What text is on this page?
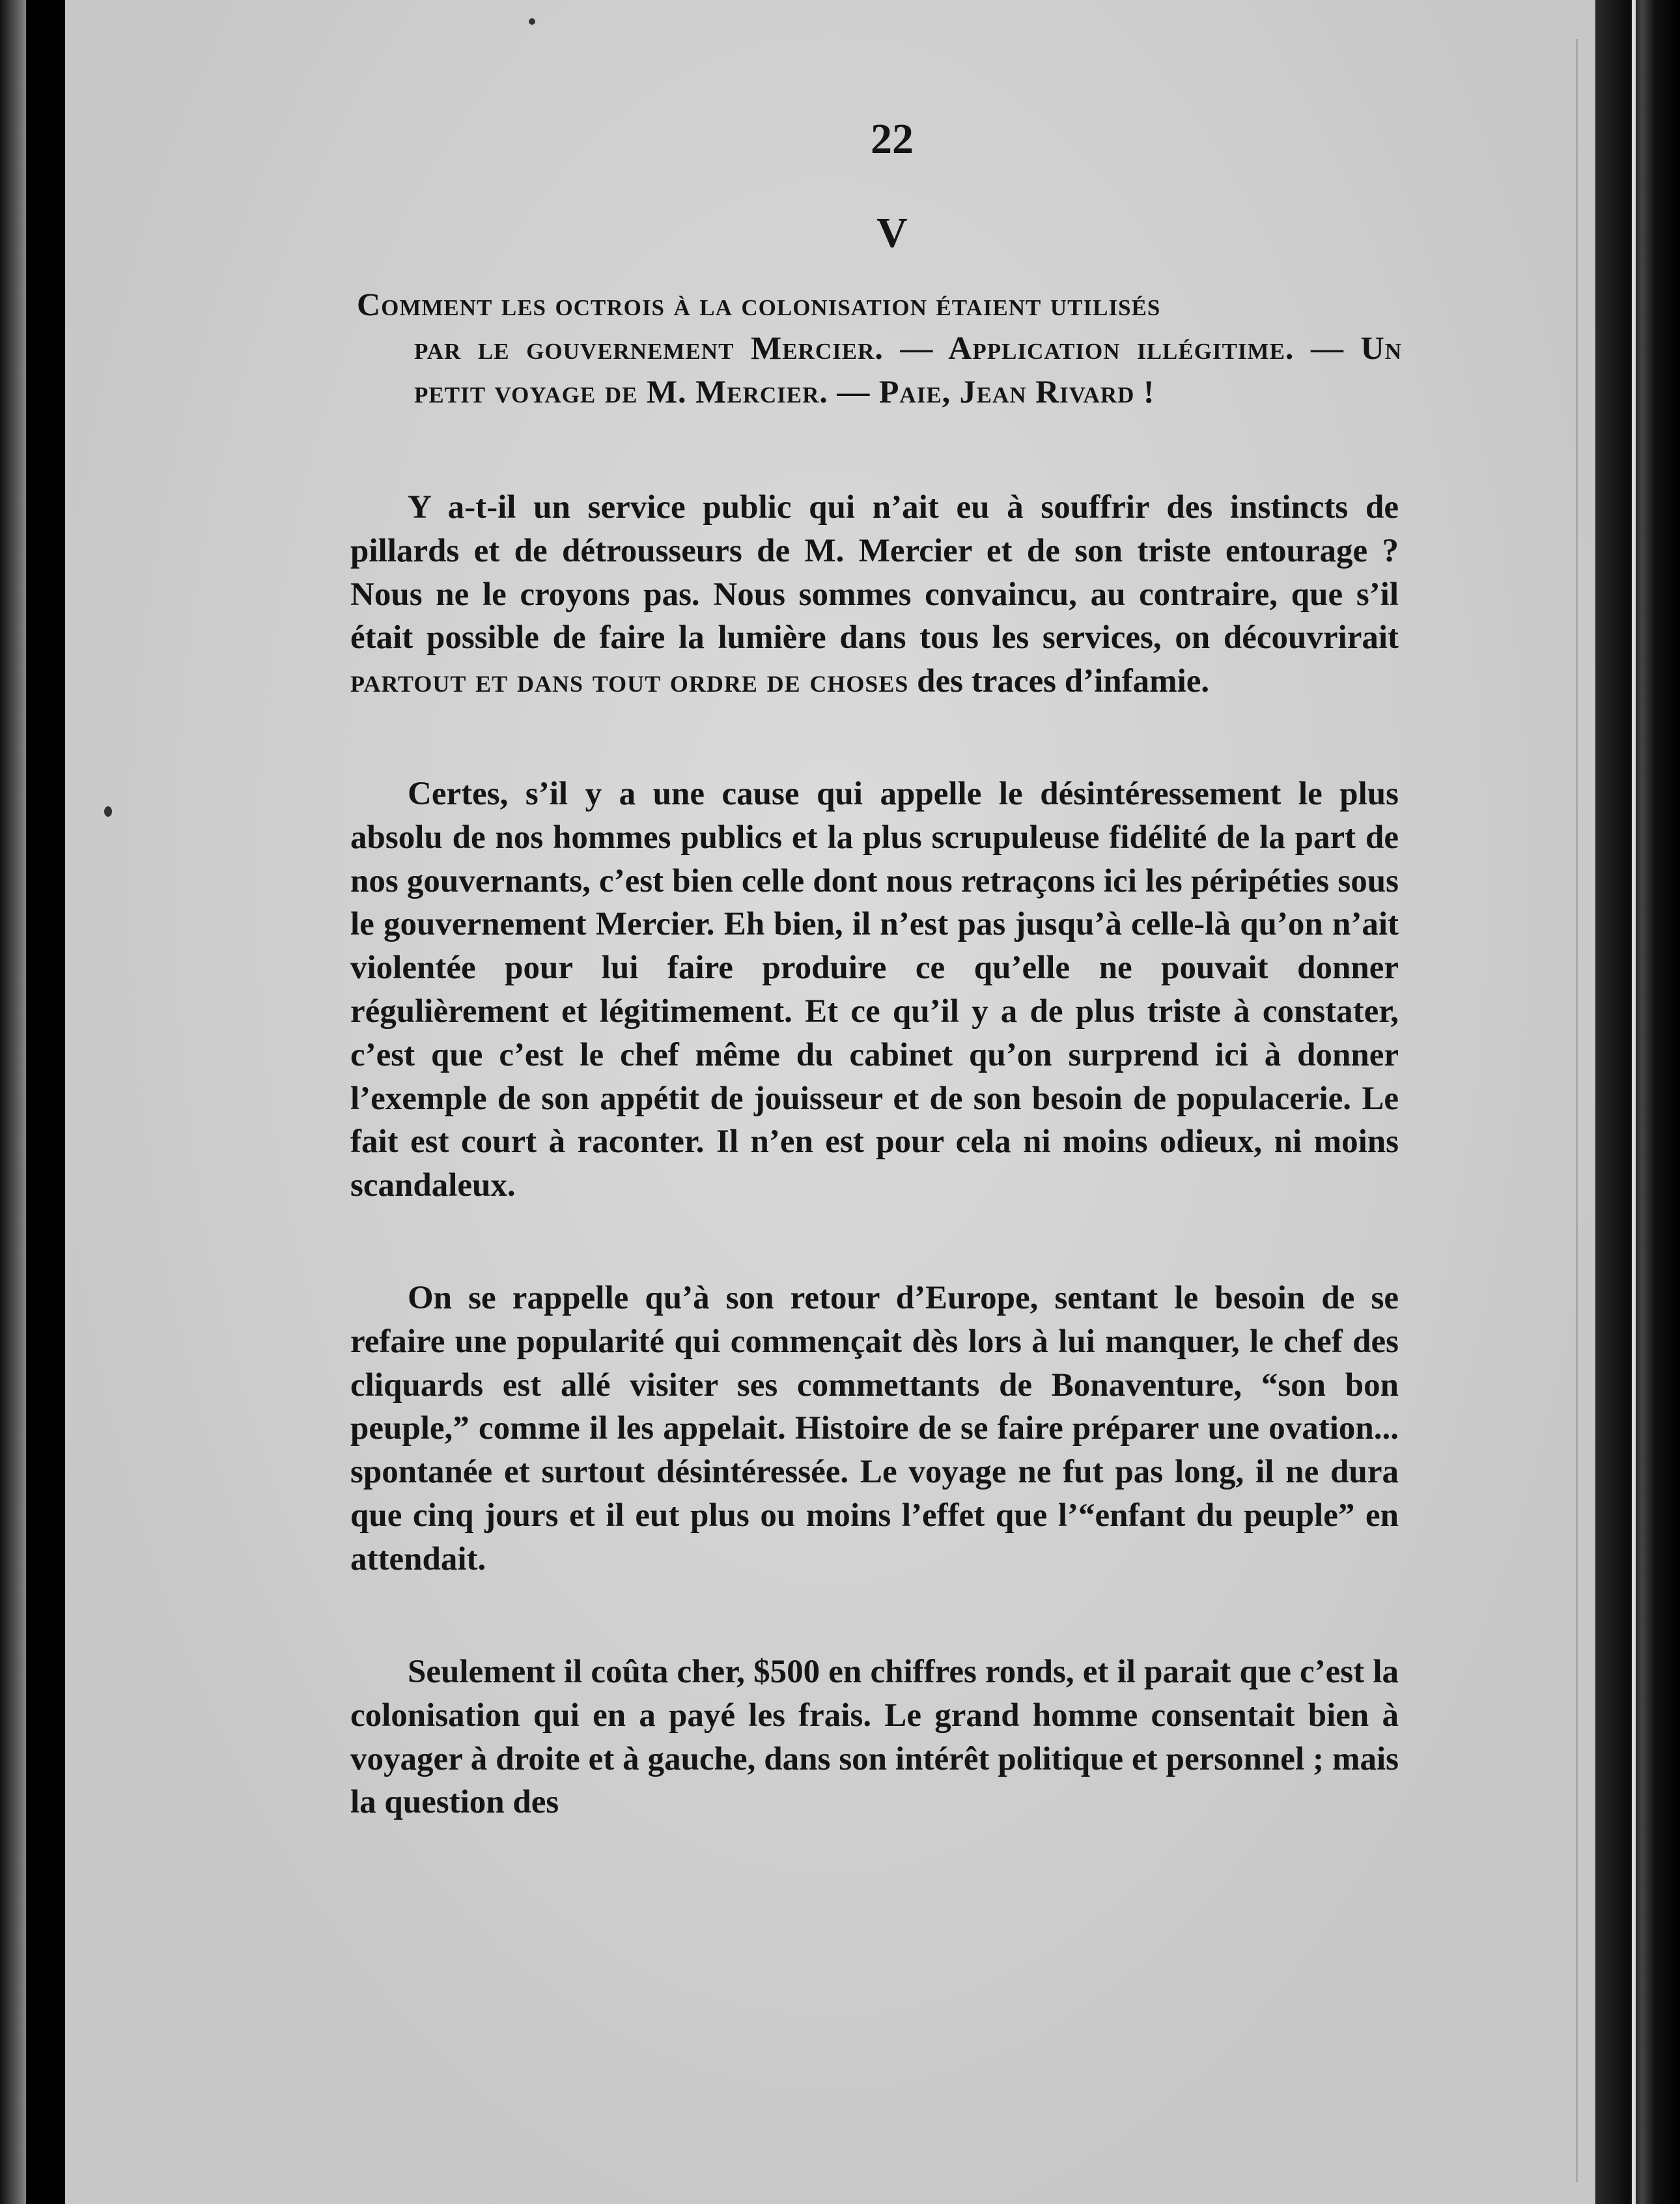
22
V
Comment les octrois à la colonisation étaient utilisés
par le gouvernement Mercier. — Application illégitime. — Un petit voyage de M. Mercier. — Paie, Jean Rivard !

Y a-t-il un service public qui n’ait eu à souffrir des instincts de pillards et de détrousseurs de M. Mercier et de son triste entourage ? Nous ne le croyons pas. Nous sommes convaincu, au contraire, que s’il était possible de faire la lumière dans tous les services, on découvrirait partout et dans tout ordre de choses des traces d’infamie.

Certes, s’il y a une cause qui appelle le désintéressement le plus absolu de nos hommes publics et la plus scrupuleuse fidélité de la part de nos gouvernants, c’est bien celle dont nous retraçons ici les péripéties sous le gouvernement Mercier. Eh bien, il n’est pas jusqu’à celle-là qu’on n’ait violentée pour lui faire produire ce qu’elle ne pouvait donner régulièrement et légitimement. Et ce qu’il y a de plus triste à constater, c’est que c’est le chef même du cabinet qu’on surprend ici à donner l’exemple de son appétit de jouisseur et de son besoin de populacerie. Le fait est court à raconter. Il n’en est pour cela ni moins odieux, ni moins scandaleux.

On se rappelle qu’à son retour d’Europe, sentant le besoin de se refaire une popularité qui commençait dès lors à lui manquer, le chef des cliquards est allé visiter ses commettants de Bonaventure, “son bon peuple,” comme il les appelait. Histoire de se faire préparer une ovation... spontanée et surtout désintéressée. Le voyage ne fut pas long, il ne dura que cinq jours et il eut plus ou moins l’effet que l’“enfant du peuple” en attendait.

Seulement il coûta cher, $500 en chiffres ronds, et il parait que c’est la colonisation qui en a payé les frais. Le grand homme consentait bien à voyager à droite et à gauche, dans son intérêt politique et personnel ; mais la question des
